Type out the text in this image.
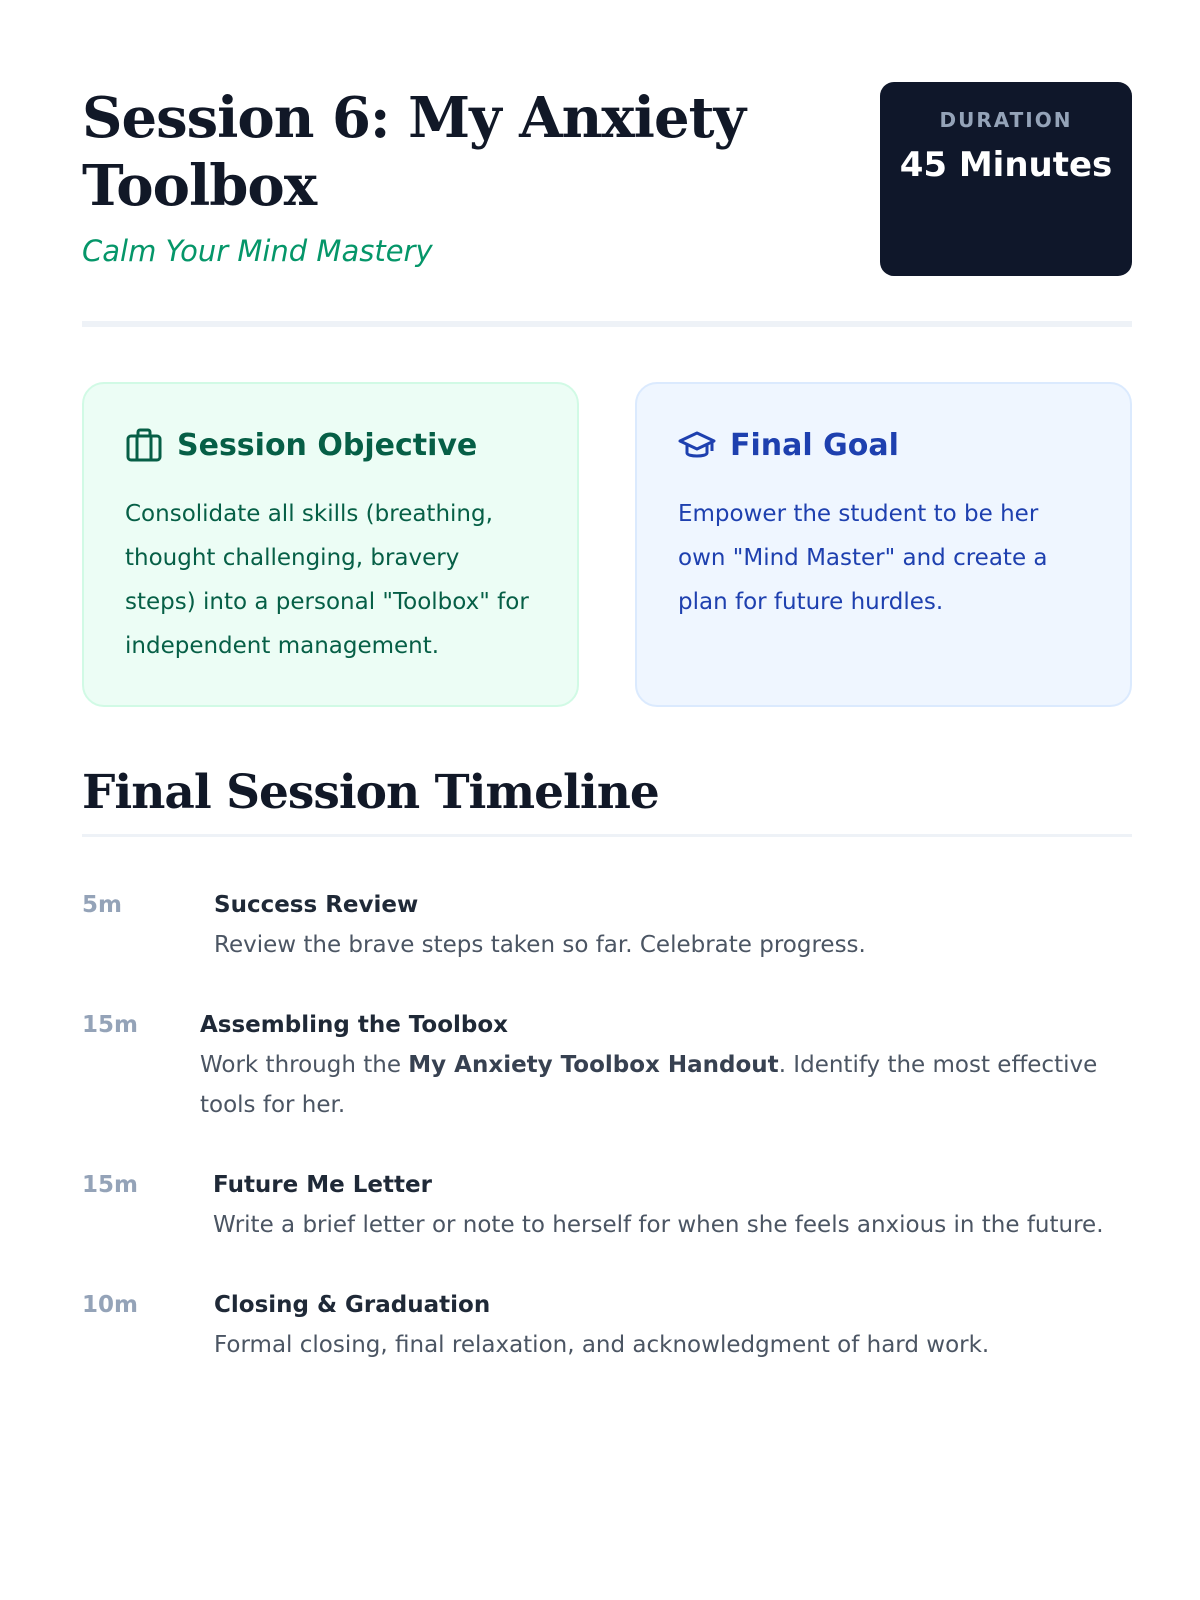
Session 6: My Anxiety Toolbox
Calm Your Mind Mastery
DURATION
45 Minutes
Session Objective
Consolidate all skills (breathing, thought challenging, bravery steps) into a personal "Toolbox" for independent management.
Final Goal
Empower the student to be her own "Mind Master" and create a plan for future hurdles.
Final Session Timeline
5m	Success Review
Review the brave steps taken so far. Celebrate progress.
15m	Assembling the Toolbox
Work through the My Anxiety Toolbox Handout. Identify the most effective tools for her.
15m	Future Me Letter
Write a brief letter or note to herself for when she feels anxious in the future.
10m	Closing & Graduation
Formal closing, final relaxation, and acknowledgment of hard work.
